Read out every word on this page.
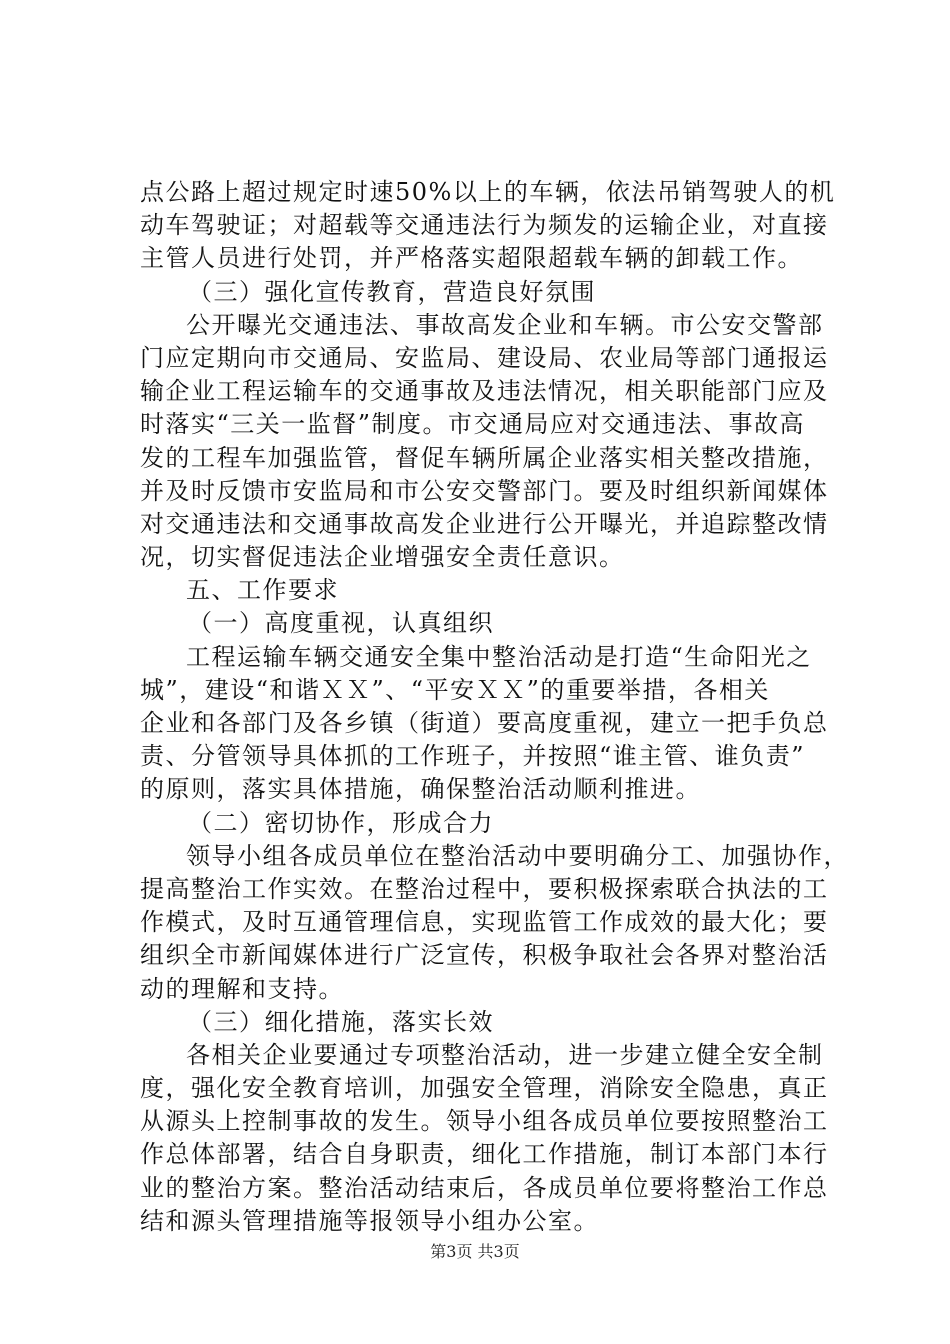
点公路上超过规定时速50%以上的车辆，依法吊销驾驶人的机
动车驾驶证；对超载等交通违法行为频发的运输企业，对直接
主管人员进行处罚，并严格落实超限超载车辆的卸载工作。
（三）强化宣传教育，营造良好氛围
公开曝光交通违法、事故高发企业和车辆。市公安交警部
门应定期向市交通局、安监局、建设局、农业局等部门通报运
输企业工程运输车的交通事故及违法情况，相关职能部门应及
时落实“三关一监督”制度。市交通局应对交通违法、事故高
发的工程车加强监管，督促车辆所属企业落实相关整改措施，
并及时反馈市安监局和市公安交警部门。要及时组织新闻媒体
对交通违法和交通事故高发企业进行公开曝光，并追踪整改情
况，切实督促违法企业增强安全责任意识。
五、工作要求
（一）高度重视，认真组织
工程运输车辆交通安全集中整治活动是打造“生命阳光之
城”，建设“和谐ＸＸ”、“平安ＸＸ”的重要举措，各相关
企业和各部门及各乡镇（街道）要高度重视，建立一把手负总
责、分管领导具体抓的工作班子，并按照“谁主管、谁负责”
的原则，落实具体措施，确保整治活动顺利推进。
（二）密切协作，形成合力
领导小组各成员单位在整治活动中要明确分工、加强协作，
提高整治工作实效。在整治过程中，要积极探索联合执法的工
作模式，及时互通管理信息，实现监管工作成效的最大化；要
组织全市新闻媒体进行广泛宣传，积极争取社会各界对整治活
动的理解和支持。
（三）细化措施，落实长效
各相关企业要通过专项整治活动，进一步建立健全安全制
度，强化安全教育培训，加强安全管理，消除安全隐患，真正
从源头上控制事故的发生。领导小组各成员单位要按照整治工
作总体部署，结合自身职责，细化工作措施，制订本部门本行
业的整治方案。整治活动结束后，各成员单位要将整治工作总
结和源头管理措施等报领导小组办公室。
第3页 共3页
